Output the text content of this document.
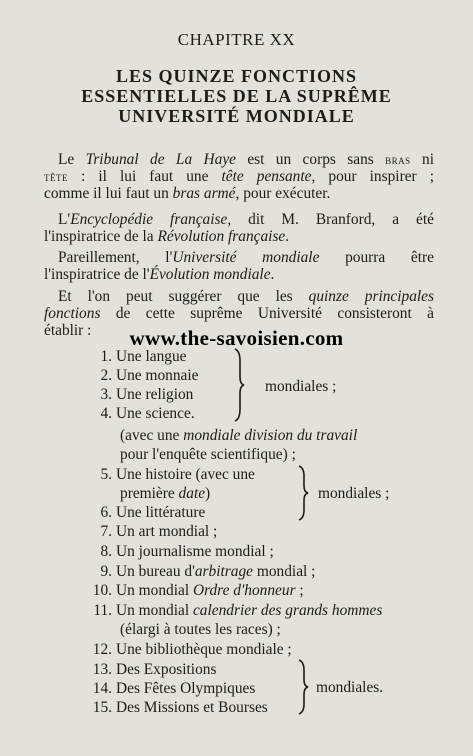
CHAPITRE XX
LES QUINZE FONCTIONS
ESSENTIELLES DE LA SUPRÊME
UNIVERSITÉ MONDIALE

Le Tribunal de La Haye est un corps sans bras ni

tête : il lui faut une tête pensante, pour inspirer ;

comme il lui faut un bras armé, pour exécuter.

L'Encyclopédie française, dit M. Branford, a été

l'inspiratrice de la Révolution française.

Pareillement, l'Université mondiale pourra être

l'inspiratrice de l'Évolution mondiale.

Et l'on peut suggérer que les quinze principales

fonctions de cette suprême Université consisteront à

établir :	www.the-savoisien.com
1. Une langue
2. Une monnaie
3. Une religion
4. Une science.
(avec une mondiale division du travail
pour l'enquête scientifique) ;
5. Une histoire (avec une
première date)
6. Une littérature
7. Un art mondial ;
8. Un journalisme mondial ;
9. Un bureau d'arbitrage mondial ;
10. Un mondial Ordre d'honneur ;
11. Un mondial calendrier des grands hommes
(élargi à toutes les races) ;
12. Une bibliothèque mondiale ;
13. Des Expositions
14. Des Fêtes Olympiques
15. Des Missions et Bourses
mondiales ;
mondiales ;
mondiales.
